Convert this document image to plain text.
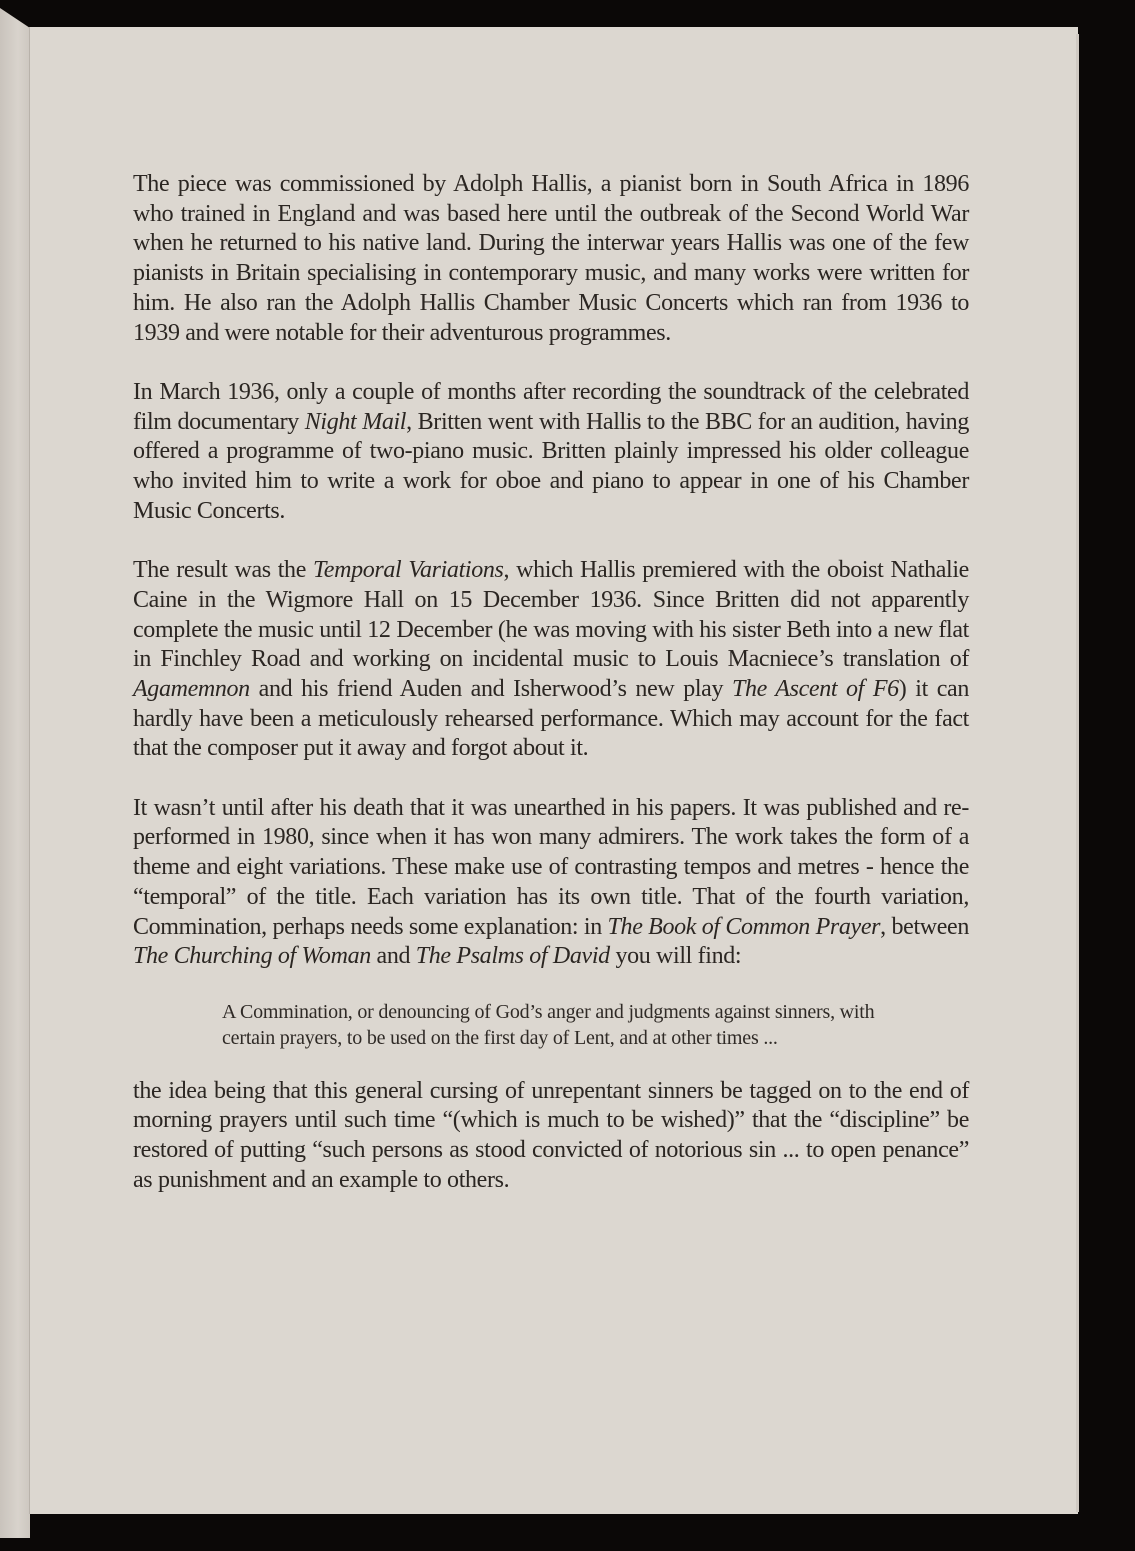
The piece was commissioned by Adolph Hallis, a pianist born in South Africa in 1896 who trained in England and was based here until the outbreak of the Second World War when he returned to his native land. During the interwar years Hallis was one of the few pianists in Britain specialising in contemporary music, and many works were written for him. He also ran the Adolph Hallis Chamber Music Concerts which ran from 1936 to 1939 and were notable for their adventurous programmes.

In March 1936, only a couple of months after recording the soundtrack of the celebrated film documentary Night Mail, Britten went with Hallis to the BBC for an audition, having offered a programme of two-piano music. Britten plainly impressed his older colleague who invited him to write a work for oboe and piano to appear in one of his Chamber Music Concerts.

The result was the Temporal Variations, which Hallis premiered with the oboist Nathalie Caine in the Wigmore Hall on 15 December 1936. Since Britten did not apparently complete the music until 12 December (he was moving with his sister Beth into a new flat in Finchley Road and working on incidental music to Louis Macniece’s translation of Agamemnon and his friend Auden and Isherwood’s new play The Ascent of F6) it can hardly have been a meticulously rehearsed performance. Which may account for the fact that the composer put it away and forgot about it.

It wasn’t until after his death that it was unearthed in his papers. It was published and re-performed in 1980, since when it has won many admirers. The work takes the form of a theme and eight variations. These make use of contrasting tempos and metres - hence the “temporal” of the title. Each variation has its own title. That of the fourth variation, Commination, perhaps needs some explanation: in The Book of Common Prayer, between The Churching of Woman and The Psalms of David you will find:

A Commination, or denouncing of God’s anger and judgments against sinners, with certain prayers, to be used on the first day of Lent, and at other times ...

the idea being that this general cursing of unrepentant sinners be tagged on to the end of morning prayers until such time “(which is much to be wished)” that the “discipline” be restored of putting “such persons as stood convicted of notorious sin ... to open penance” as punishment and an example to others.
